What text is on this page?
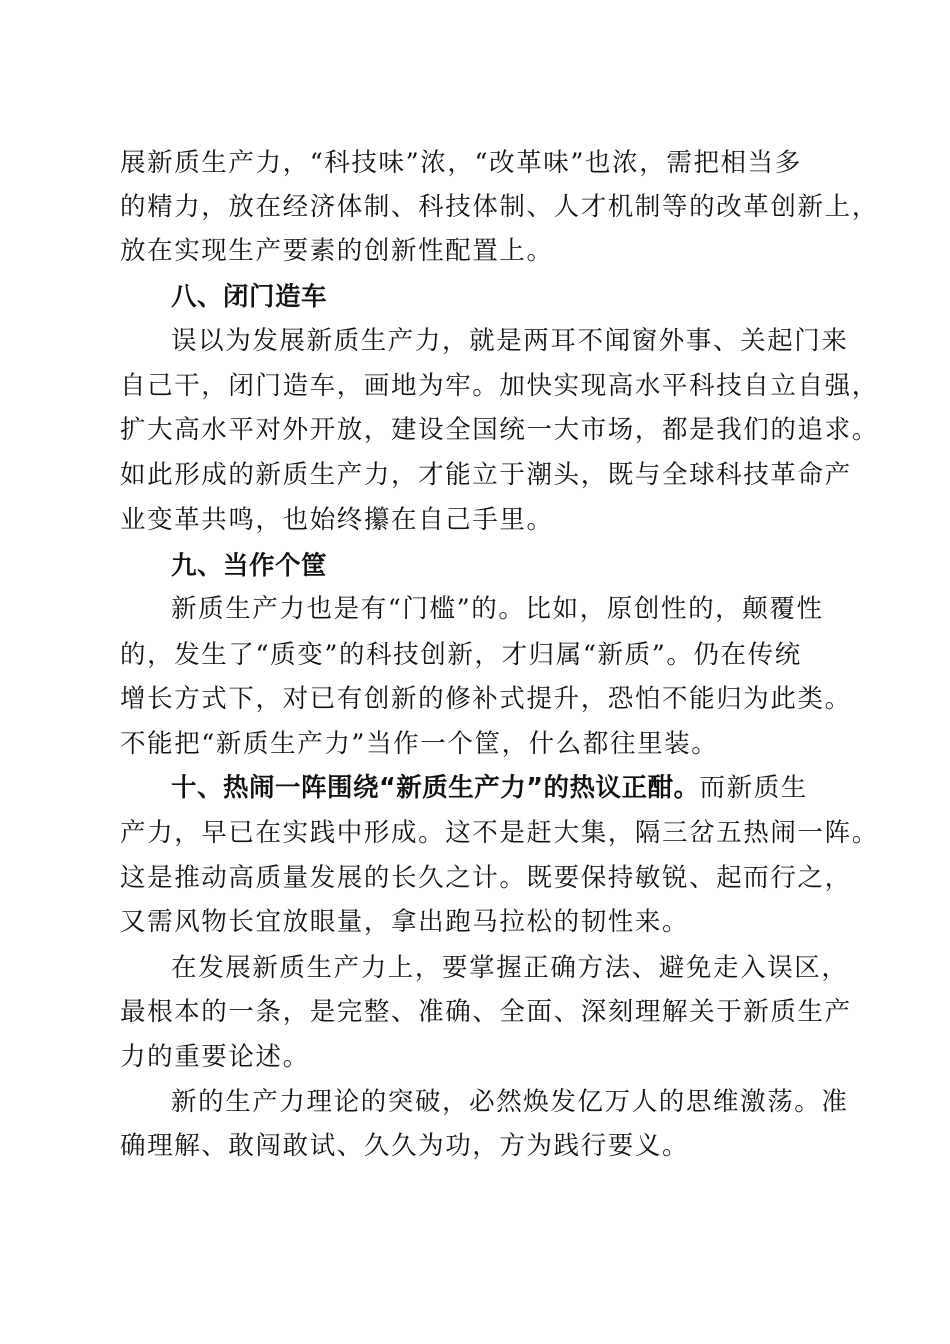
展新质生产力，“科技味”浓，“改革味”也浓，需把相当多
的精力，放在经济体制、科技体制、人才机制等的改革创新上，
放在实现生产要素的创新性配置上。
八、闭门造车
误以为发展新质生产力，就是两耳不闻窗外事、关起门来
自己干，闭门造车，画地为牢。加快实现高水平科技自立自强，
扩大高水平对外开放，建设全国统一大市场，都是我们的追求。
如此形成的新质生产力，才能立于潮头，既与全球科技革命产
业变革共鸣，也始终攥在自己手里。
九、当作个筐
新质生产力也是有“门槛”的。比如，原创性的，颠覆性
的，发生了“质变”的科技创新，才归属“新质”。仍在传统
增长方式下，对已有创新的修补式提升，恐怕不能归为此类。
不能把“新质生产力”当作一个筐，什么都往里装。
十、热闹一阵围绕“新质生产力”的热议正酣。而新质生
产力，早已在实践中形成。这不是赶大集，隔三岔五热闹一阵。
这是推动高质量发展的长久之计。既要保持敏锐、起而行之，
又需风物长宜放眼量，拿出跑马拉松的韧性来。
在发展新质生产力上，要掌握正确方法、避免走入误区，
最根本的一条，是完整、准确、全面、深刻理解关于新质生产
力的重要论述。
新的生产力理论的突破，必然焕发亿万人的思维激荡。准
确理解、敢闯敢试、久久为功，方为践行要义。
